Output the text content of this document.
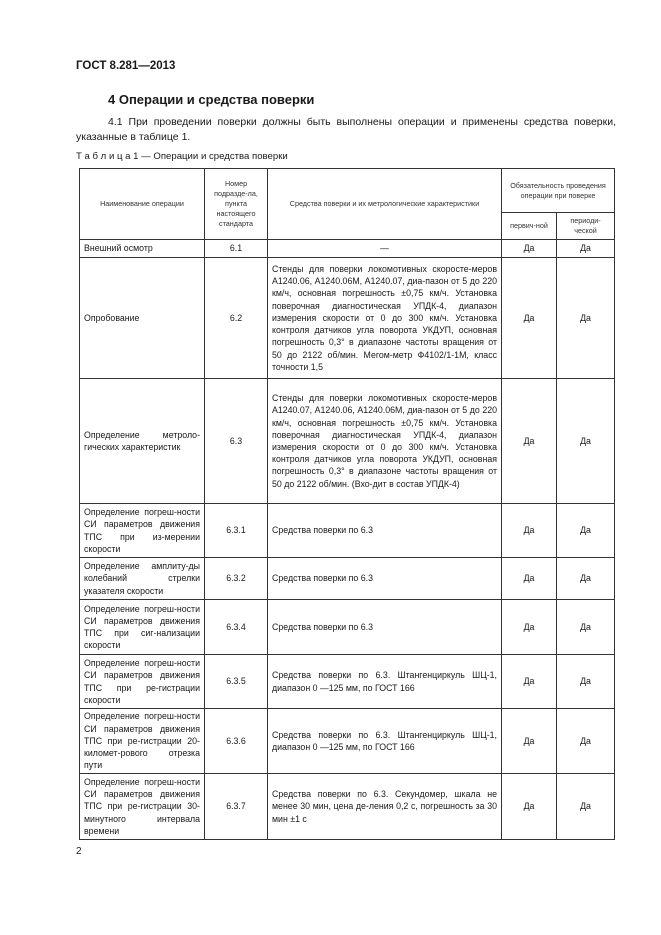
ГОСТ 8.281—2013
4 Операции и средства поверки
4.1 При проведении поверки должны быть выполнены операции и применены средства поверки, указанные в таблице 1.
Т а б л и ц а 1 — Операции и средства поверки
Наименование операции	Номер подразде-ла, пункта настоящего стандарта	Средства поверки и их метрологические характеристики	Обязательность проведения операции при поверке	
			первич-ной	периоди-ческой
Внешний осмотр	6.1	—	Да	Да
Опробование	6.2	Стенды для поверки локомотивных скоросте-меров А1240.06, А1240.06М, А1240.07, диа-пазон от 5 до 220 км/ч, основная погрешность ±0,75 км/ч. Установка поверочная диагностическая УПДК-4, диапазон измерения скорости от 0 до 300 км/ч. Установка контроля датчиков угла поворота УКДУП, основная погрешность 0,3° в диапазоне частоты вращения от 50 до 2122 об/мин. Мегом-метр Ф4102/1-1М, класс точности 1,5	Да	Да
Определение метроло-гических характеристик	6.3	Стенды для поверки локомотивных скоросте-меров А1240.07, А1240.06, А1240.06М, диа-пазон от 5 до 220 км/ч, основная погрешность ±0,75 км/ч. Установка поверочная диагностическая УПДК-4, диапазон измерения скорости от 0 до 300 км/ч. Установка контроля датчиков угла поворота УКДУП, основная погрешность 0,3° в диапазоне частоты вращения от 50 до 2122 об/мин. (Вхо-дит в состав УПДК-4)	Да	Да
Определение погреш-ности СИ параметров движения ТПС при из-мерении скорости	6.3.1	Средства поверки по 6.3	Да	Да
Определение амплиту-ды колебаний стрелки указателя скорости	6.3.2	Средства поверки по 6.3	Да	Да
Определение погреш-ности СИ параметров движения ТПС при сиг-нализации скорости	6.3.4	Средства поверки по 6.3	Да	Да
Определение погреш-ности СИ параметров движения ТПС при ре-гистрации скорости	6.3.5	Средства поверки по 6.3. Штангенциркуль ШЦ-1, диапазон 0 —125 мм, по ГОСТ 166	Да	Да
Определение погреш-ности СИ параметров движения ТПС при ре-гистрации 20-километ-рового отрезка пути	6.3.6	Средства поверки по 6.3. Штангенциркуль ШЦ-1, диапазон 0 —125 мм, по ГОСТ 166	Да	Да
Определение погреш-ности СИ параметров движения ТПС при ре-гистрации 30-минутного интервала времени	6.3.7	Средства поверки по 6.3. Секундомер, шкала не менее 30 мин, цена де-ления 0,2 с, погрешность за 30 мин ±1 с	Да	Да
2
